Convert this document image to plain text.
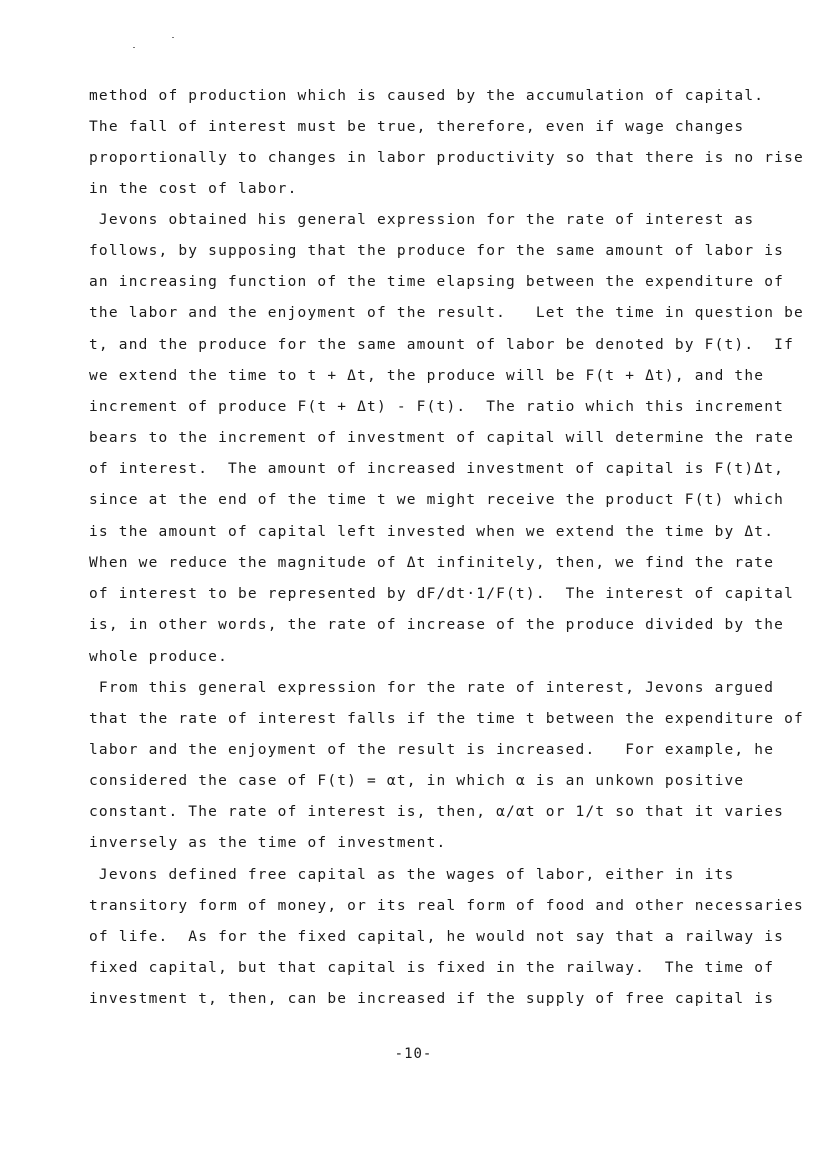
method of production which is caused by the accumulation of capital.
The fall of interest must be true, therefore, even if wage changes
proportionally to changes in labor productivity so that there is no rise
in the cost of labor.
Jevons obtained his general expression for the rate of interest as
follows, by supposing that the produce for the same amount of labor is
an increasing function of the time elapsing between the expenditure of
the labor and the enjoyment of the result.   Let the time in question be
t, and the produce for the same amount of labor be denoted by F(t).  If
we extend the time to t + Δt, the produce will be F(t + Δt), and the
increment of produce F(t + Δt) - F(t).  The ratio which this increment
bears to the increment of investment of capital will determine the rate
of interest.  The amount of increased investment of capital is F(t)Δt,
since at the end of the time t we might receive the product F(t) which
is the amount of capital left invested when we extend the time by Δt.
When we reduce the magnitude of Δt infinitely, then, we find the rate
of interest to be represented by dF/dt·1/F(t).  The interest of capital
is, in other words, the rate of increase of the produce divided by the
whole produce.
From this general expression for the rate of interest, Jevons argued
that the rate of interest falls if the time t between the expenditure of
labor and the enjoyment of the result is increased.   For example, he
considered the case of F(t) = αt, in which α is an unkown positive
constant. The rate of interest is, then, α/αt or 1/t so that it varies
inversely as the time of investment.
Jevons defined free capital as the wages of labor, either in its
transitory form of money, or its real form of food and other necessaries
of life.  As for the fixed capital, he would not say that a railway is
fixed capital, but that capital is fixed in the railway.  The time of
investment t, then, can be increased if the supply of free capital is
-10-
